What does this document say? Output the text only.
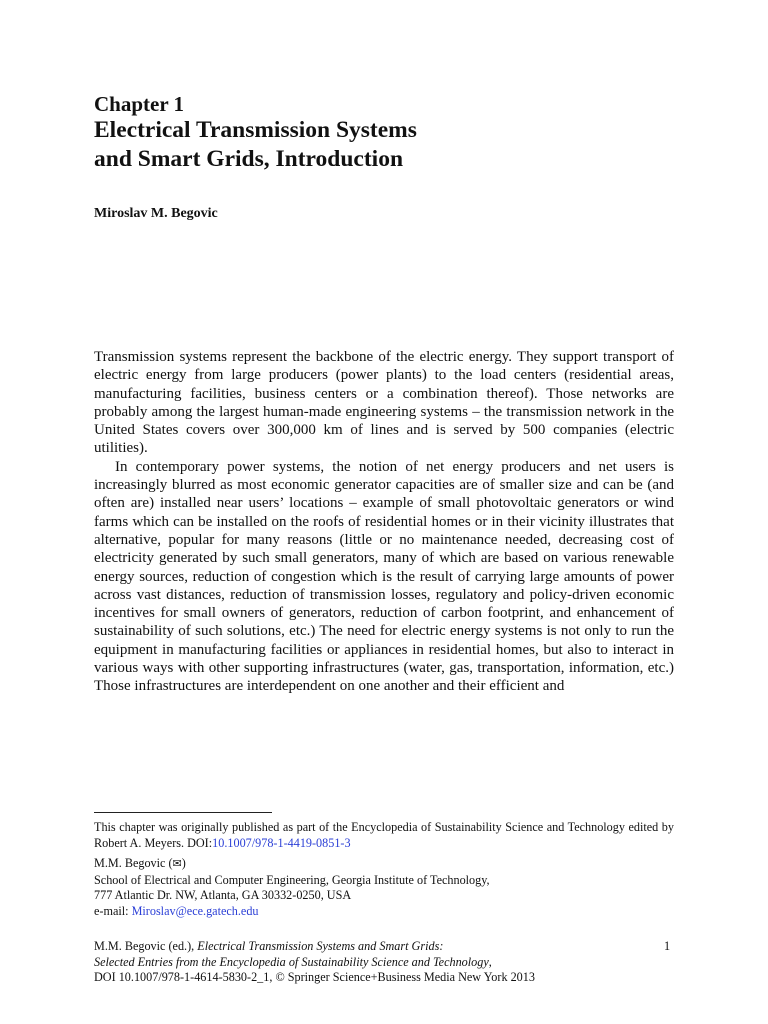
Chapter 1
Electrical Transmission Systems
and Smart Grids, Introduction
Miroslav M. Begovic

Transmission systems represent the backbone of the electric energy. They support transport of electric energy from large producers (power plants) to the load centers (residential areas, manufacturing facilities, business centers or a combination thereof). Those networks are probably among the largest human-made engineering systems – the transmission network in the United States covers over 300,000 km of lines and is served by 500 companies (electric utilities).

In contemporary power systems, the notion of net energy producers and net users is increasingly blurred as most economic generator capacities are of smaller size and can be (and often are) installed near users’ locations – example of small photovoltaic generators or wind farms which can be installed on the roofs of residential homes or in their vicinity illustrates that alternative, popular for many reasons (little or no maintenance needed, decreasing cost of electricity generated by such small generators, many of which are based on various renewable energy sources, reduction of congestion which is the result of carrying large amounts of power across vast distances, reduction of transmission losses, regulatory and policy-driven economic incentives for small owners of generators, reduction of carbon footprint, and enhancement of sustainability of such solutions, etc.) The need for electric energy systems is not only to run the equipment in manufacturing facilities or appliances in residential homes, but also to interact in various ways with other supporting infrastructures (water, gas, transportation, information, etc.) Those infrastructures are interdependent on one another and their efficient and

This chapter was originally published as part of the Encyclopedia of Sustainability Science and Technology edited by Robert A. Meyers. DOI:10.1007/978-1-4419-0851-3
M.M. Begovic (✉)
School of Electrical and Computer Engineering, Georgia Institute of Technology,
777 Atlantic Dr. NW, Atlanta, GA 30332-0250, USA
e-mail: Miroslav@ece.gatech.edu
M.M. Begovic (ed.), Electrical Transmission Systems and Smart Grids:
Selected Entries from the Encyclopedia of Sustainability Science and Technology,
DOI 10.1007/978-1-4614-5830-2_1, © Springer Science+Business Media New York 2013
1
